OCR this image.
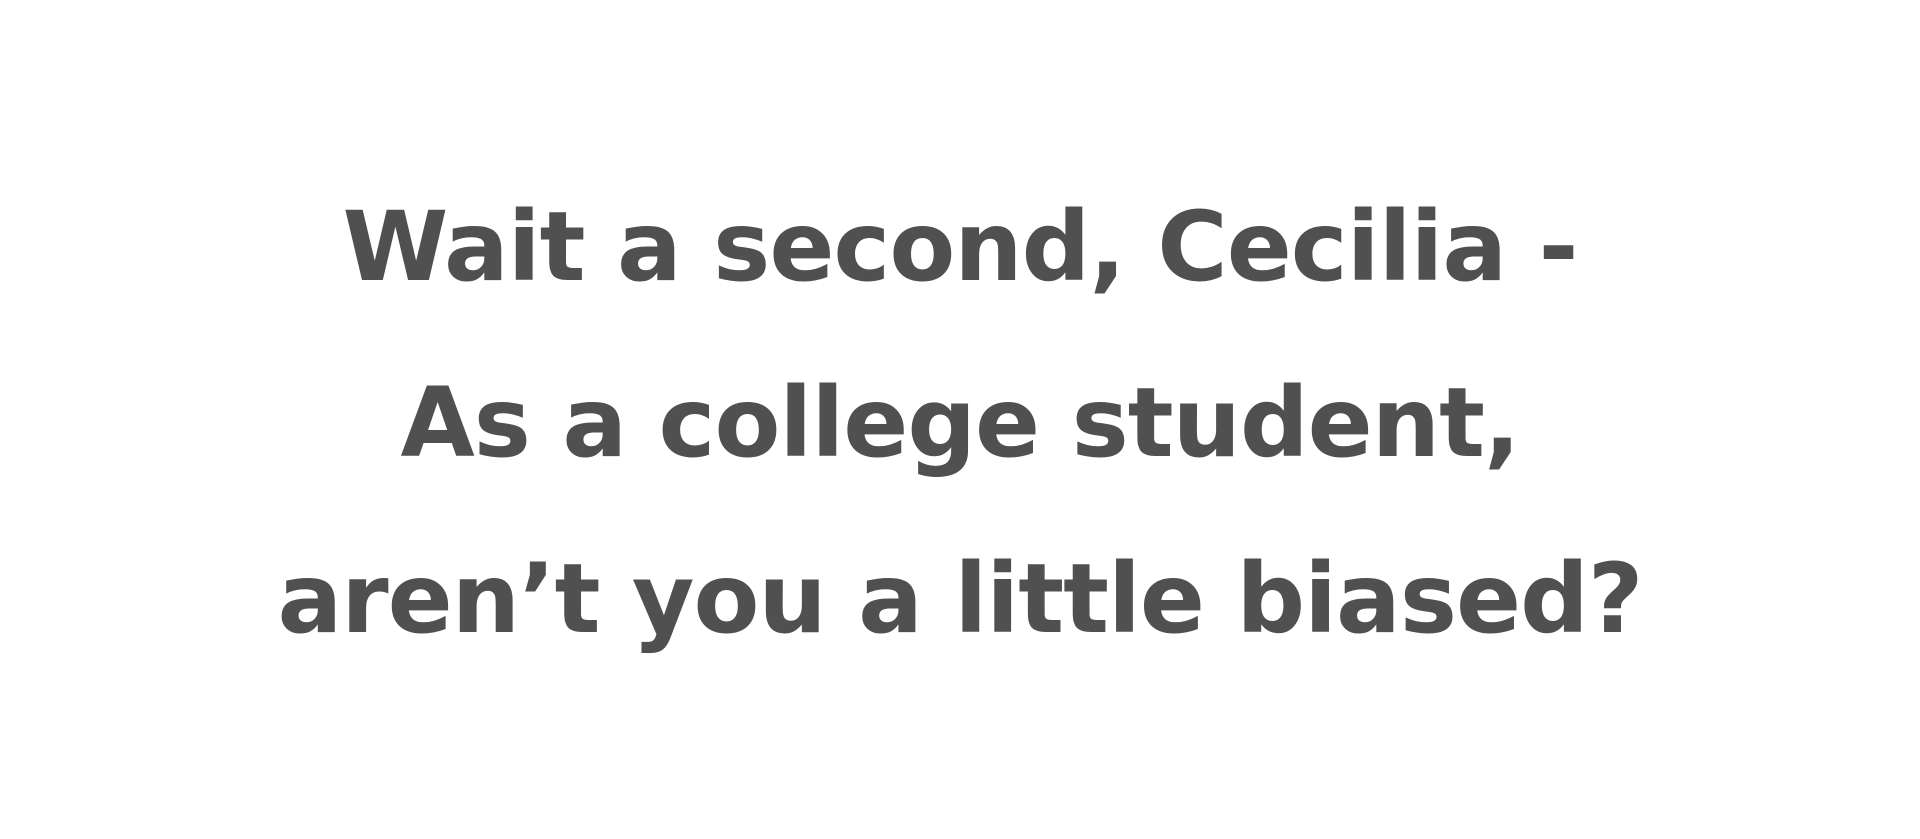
Wait a second, Cecilia -
As a college student,
aren’t you a little biased?
